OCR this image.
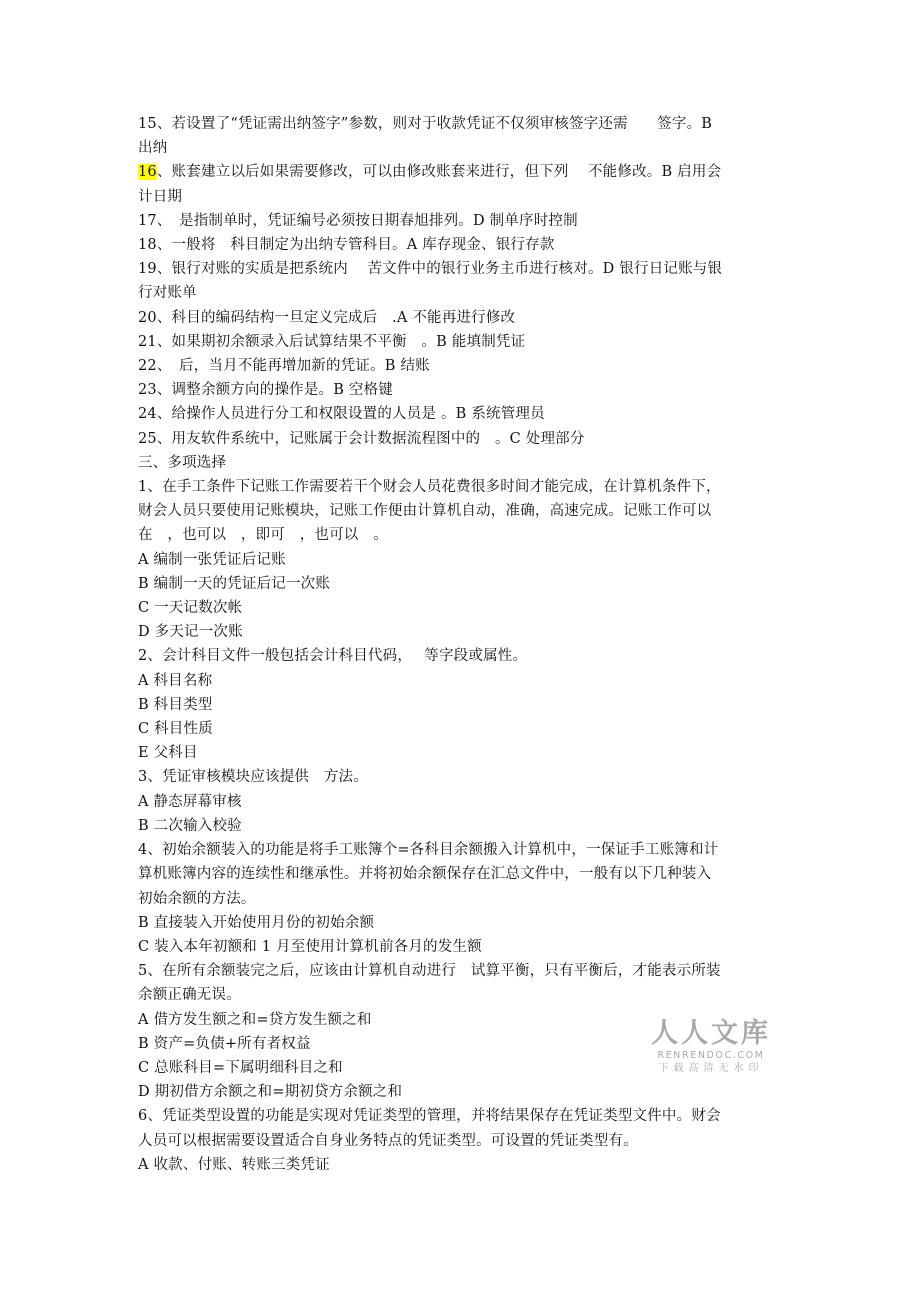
15、若设置了“凭证需出纳签字”参数，则对于收款凭证不仅须审核签字还需　　签字。B
出纳
16、账套建立以后如果需要修改，可以由修改账套来进行，但下列　 不能修改。B 启用会
计日期
17、　是指制单时，凭证编号必须按日期春旭排列。D 制单序时控制
18、一般将　科目制定为出纳专管科目。A 库存现金、银行存款
19、银行对账的实质是把系统内　 苦文件中的银行业务主币进行核对。D 银行日记账与银
行对账单
20、科目的编码结构一旦定义完成后　.A 不能再进行修改
21、如果期初余额录入后试算结果不平衡　。B 能填制凭证
22、　后，当月不能再增加新的凭证。B 结账
23、调整余额方向的操作是。B 空格键
24、给操作人员进行分工和权限设置的人员是 。B 系统管理员
25、用友软件系统中，记账属于会计数据流程图中的　。C 处理部分
三、多项选择
1、在手工条件下记账工作需要若干个财会人员花费很多时间才能完成，在计算机条件下，
财会人员只要使用记账模块，记账工作便由计算机自动，准确，高速完成。记账工作可以
在　，也可以　，即可　，也可以　。
A 编制一张凭证后记账
B 编制一天的凭证后记一次账
C 一天记数次帐
D 多天记一次账
2、会计科目文件一般包括会计科目代码，　 等字段或属性。
A 科目名称
B 科目类型
C 科目性质
E 父科目
3、凭证审核模块应该提供　方法。
A 静态屏幕审核
B 二次输入校验
4、初始余额装入的功能是将手工账簿个=各科目余额搬入计算机中，一保证手工账簿和计
算机账簿内容的连续性和继承性。并将初始余额保存在汇总文件中，一般有以下几种装入
初始余额的方法。
B 直接装入开始使用月份的初始余额
C 装入本年初额和 1 月至使用计算机前各月的发生额
5、在所有余额装完之后，应该由计算机自动进行　试算平衡，只有平衡后，才能表示所装
余额正确无误。
A 借方发生额之和=贷方发生额之和
B 资产=负债+所有者权益
C 总账科目=下属明细科目之和
D 期初借方余额之和=期初贷方余额之和
6、凭证类型设置的功能是实现对凭证类型的管理，并将结果保存在凭证类型文件中。财会
人员可以根据需要设置适合自身业务特点的凭证类型。可设置的凭证类型有。
A 收款、付账、转账三类凭证
人人文库
RENRENDOC.COM
下载高清无水印
